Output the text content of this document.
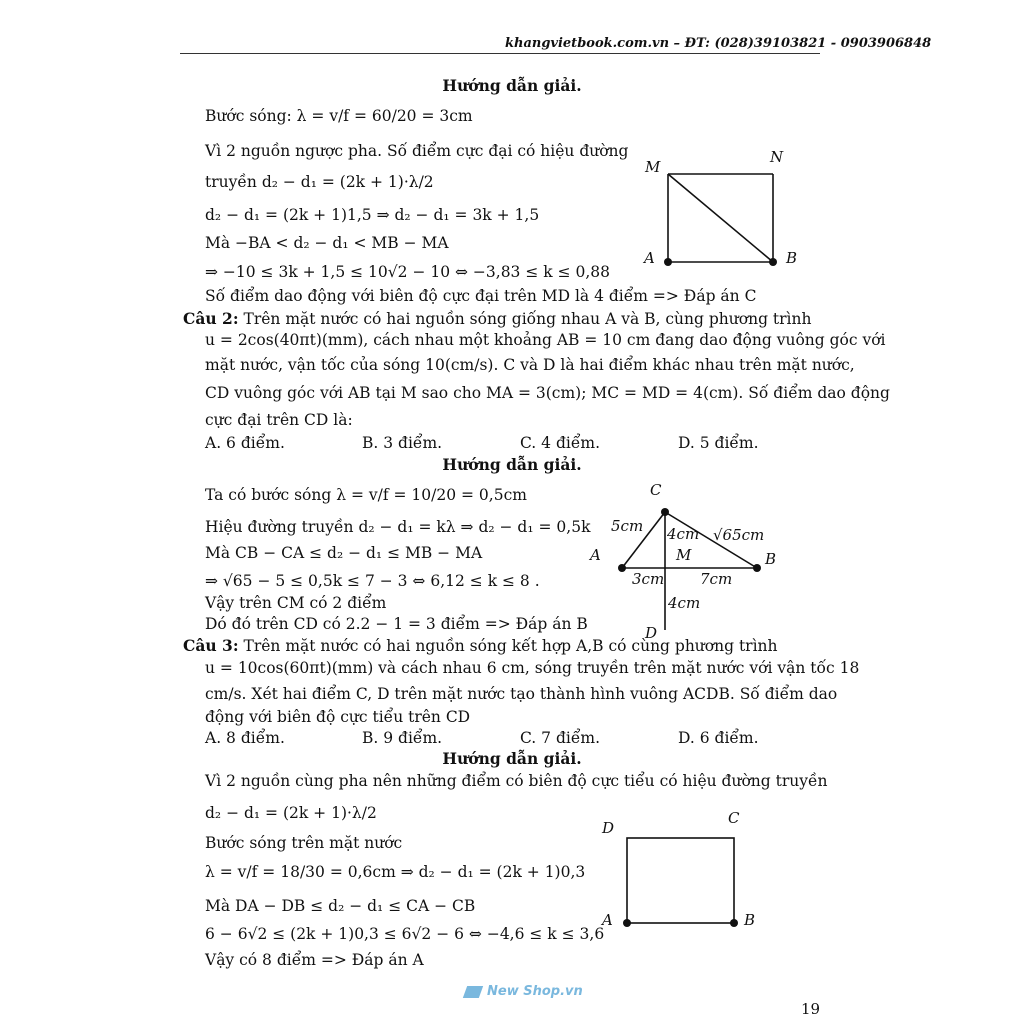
khangvietbook.com.vn – ĐT: (028)39103821 - 0903906848
Hướng dẫn giải.
Bước sóng: λ = v/f = 60/20 = 3cm
Vì 2 nguồn ngược pha. Số điểm cực đại có hiệu đường
truyền d₂ − d₁ = (2k + 1)·λ/2
d₂ − d₁ = (2k + 1)1,5 ⇒ d₂ − d₁ = 3k + 1,5
Mà −BA < d₂ − d₁ < MB − MA
⇒ −10 ≤ 3k + 1,5 ≤ 10√2 − 10 ⇔ −3,83 ≤ k ≤ 0,88
Số điểm dao động với biên độ cực đại trên MD là 4 điểm => Đáp án C
M
N
A	B
Câu 2: Trên mặt nước có hai nguồn sóng giống nhau A và B, cùng phương trình
u = 2cos(40πt)(mm), cách nhau một khoảng AB = 10 cm đang dao động vuông góc với
mặt nước, vận tốc của sóng 10(cm/s). C và D là hai điểm khác nhau trên mặt nước,
CD vuông góc với AB tại M sao cho MA = 3(cm); MC = MD = 4(cm). Số điểm dao động
cực đại trên CD là:
A. 6 điểm.	B. 3 điểm.	C. 4 điểm.	D. 5 điểm.
Hướng dẫn giải.
Ta có bước sóng λ = v/f = 10/20 = 0,5cm
Hiệu đường truyền d₂ − d₁ = kλ ⇒ d₂ − d₁ = 0,5k
Mà CB − CA ≤ d₂ − d₁ ≤ MB − MA
⇒ √65 − 5 ≤ 0,5k ≤ 7 − 3 ⇔ 6,12 ≤ k ≤ 8 .
Vậy trên CM có 2 điểm
Dó đó trên CD có 2.2 − 1 = 3 điểm => Đáp án B
C
5cm 4cm √65cm
A	M	B
3cm 7cm
4cm
D
Câu 3: Trên mặt nước có hai nguồn sóng kết hợp A,B có cùng phương trình
u = 10cos(60πt)(mm) và cách nhau 6 cm, sóng truyền trên mặt nước với vận tốc 18
cm/s. Xét hai điểm C, D trên mặt nước tạo thành hình vuông ACDB. Số điểm dao
động với biên độ cực tiểu trên CD
A. 8 điểm.	B. 9 điểm.	C. 7 điểm.	D. 6 điểm.
Hướng dẫn giải.
Vì 2 nguồn cùng pha nên những điểm có biên độ cực tiểu có hiệu đường truyền
d₂ − d₁ = (2k + 1)·λ/2
Bước sóng trên mặt nước
λ = v/f = 18/30 = 0,6cm ⇒ d₂ − d₁ = (2k + 1)0,3
Mà DA − DB ≤ d₂ − d₁ ≤ CA − CB
6 − 6√2 ≤ (2k + 1)0,3 ≤ 6√2 − 6 ⇔ −4,6 ≤ k ≤ 3,6
Vậy có 8 điểm => Đáp án A
D
C
A	B
New Shop.vn
19
